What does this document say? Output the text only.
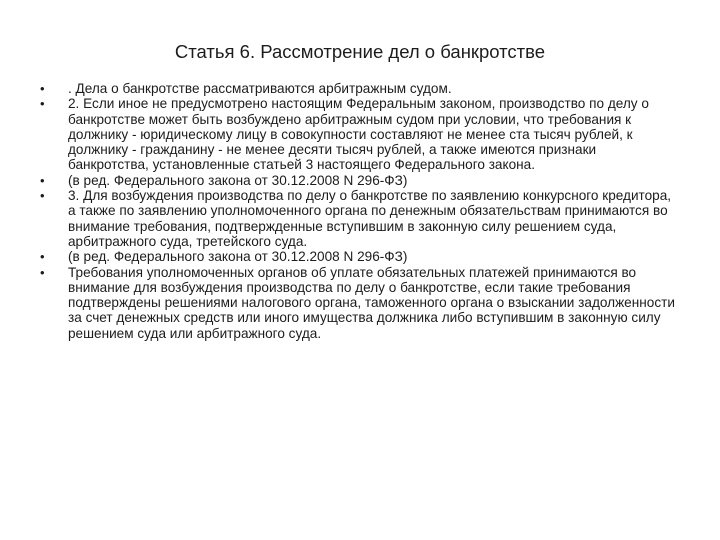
Статья 6. Рассмотрение дел о банкротстве
•	. Дела о банкротстве рассматриваются арбитражным судом.
•	2. Если иное не предусмотрено настоящим Федеральным законом, производство по делу о банкротстве может быть возбуждено арбитражным судом при условии, что требования к должнику - юридическому лицу в совокупности составляют не менее ста тысяч рублей, к должнику - гражданину - не менее десяти тысяч рублей, а также имеются признаки банкротства, установленные статьей 3 настоящего Федерального закона.
•	(в ред. Федерального закона от 30.12.2008 N 296-ФЗ)
•	3. Для возбуждения производства по делу о банкротстве по заявлению конкурсного кредитора, а также по заявлению уполномоченного органа по денежным обязательствам принимаются во внимание требования, подтвержденные вступившим в законную силу решением суда, арбитражного суда, третейского суда.
•	(в ред. Федерального закона от 30.12.2008 N 296-ФЗ)
•	Требования уполномоченных органов об уплате обязательных платежей принимаются во внимание для возбуждения производства по делу о банкротстве, если такие требования подтверждены решениями налогового органа, таможенного органа о взыскании задолженности за счет денежных средств или иного имущества должника либо вступившим в законную силу решением суда или арбитражного суда.
